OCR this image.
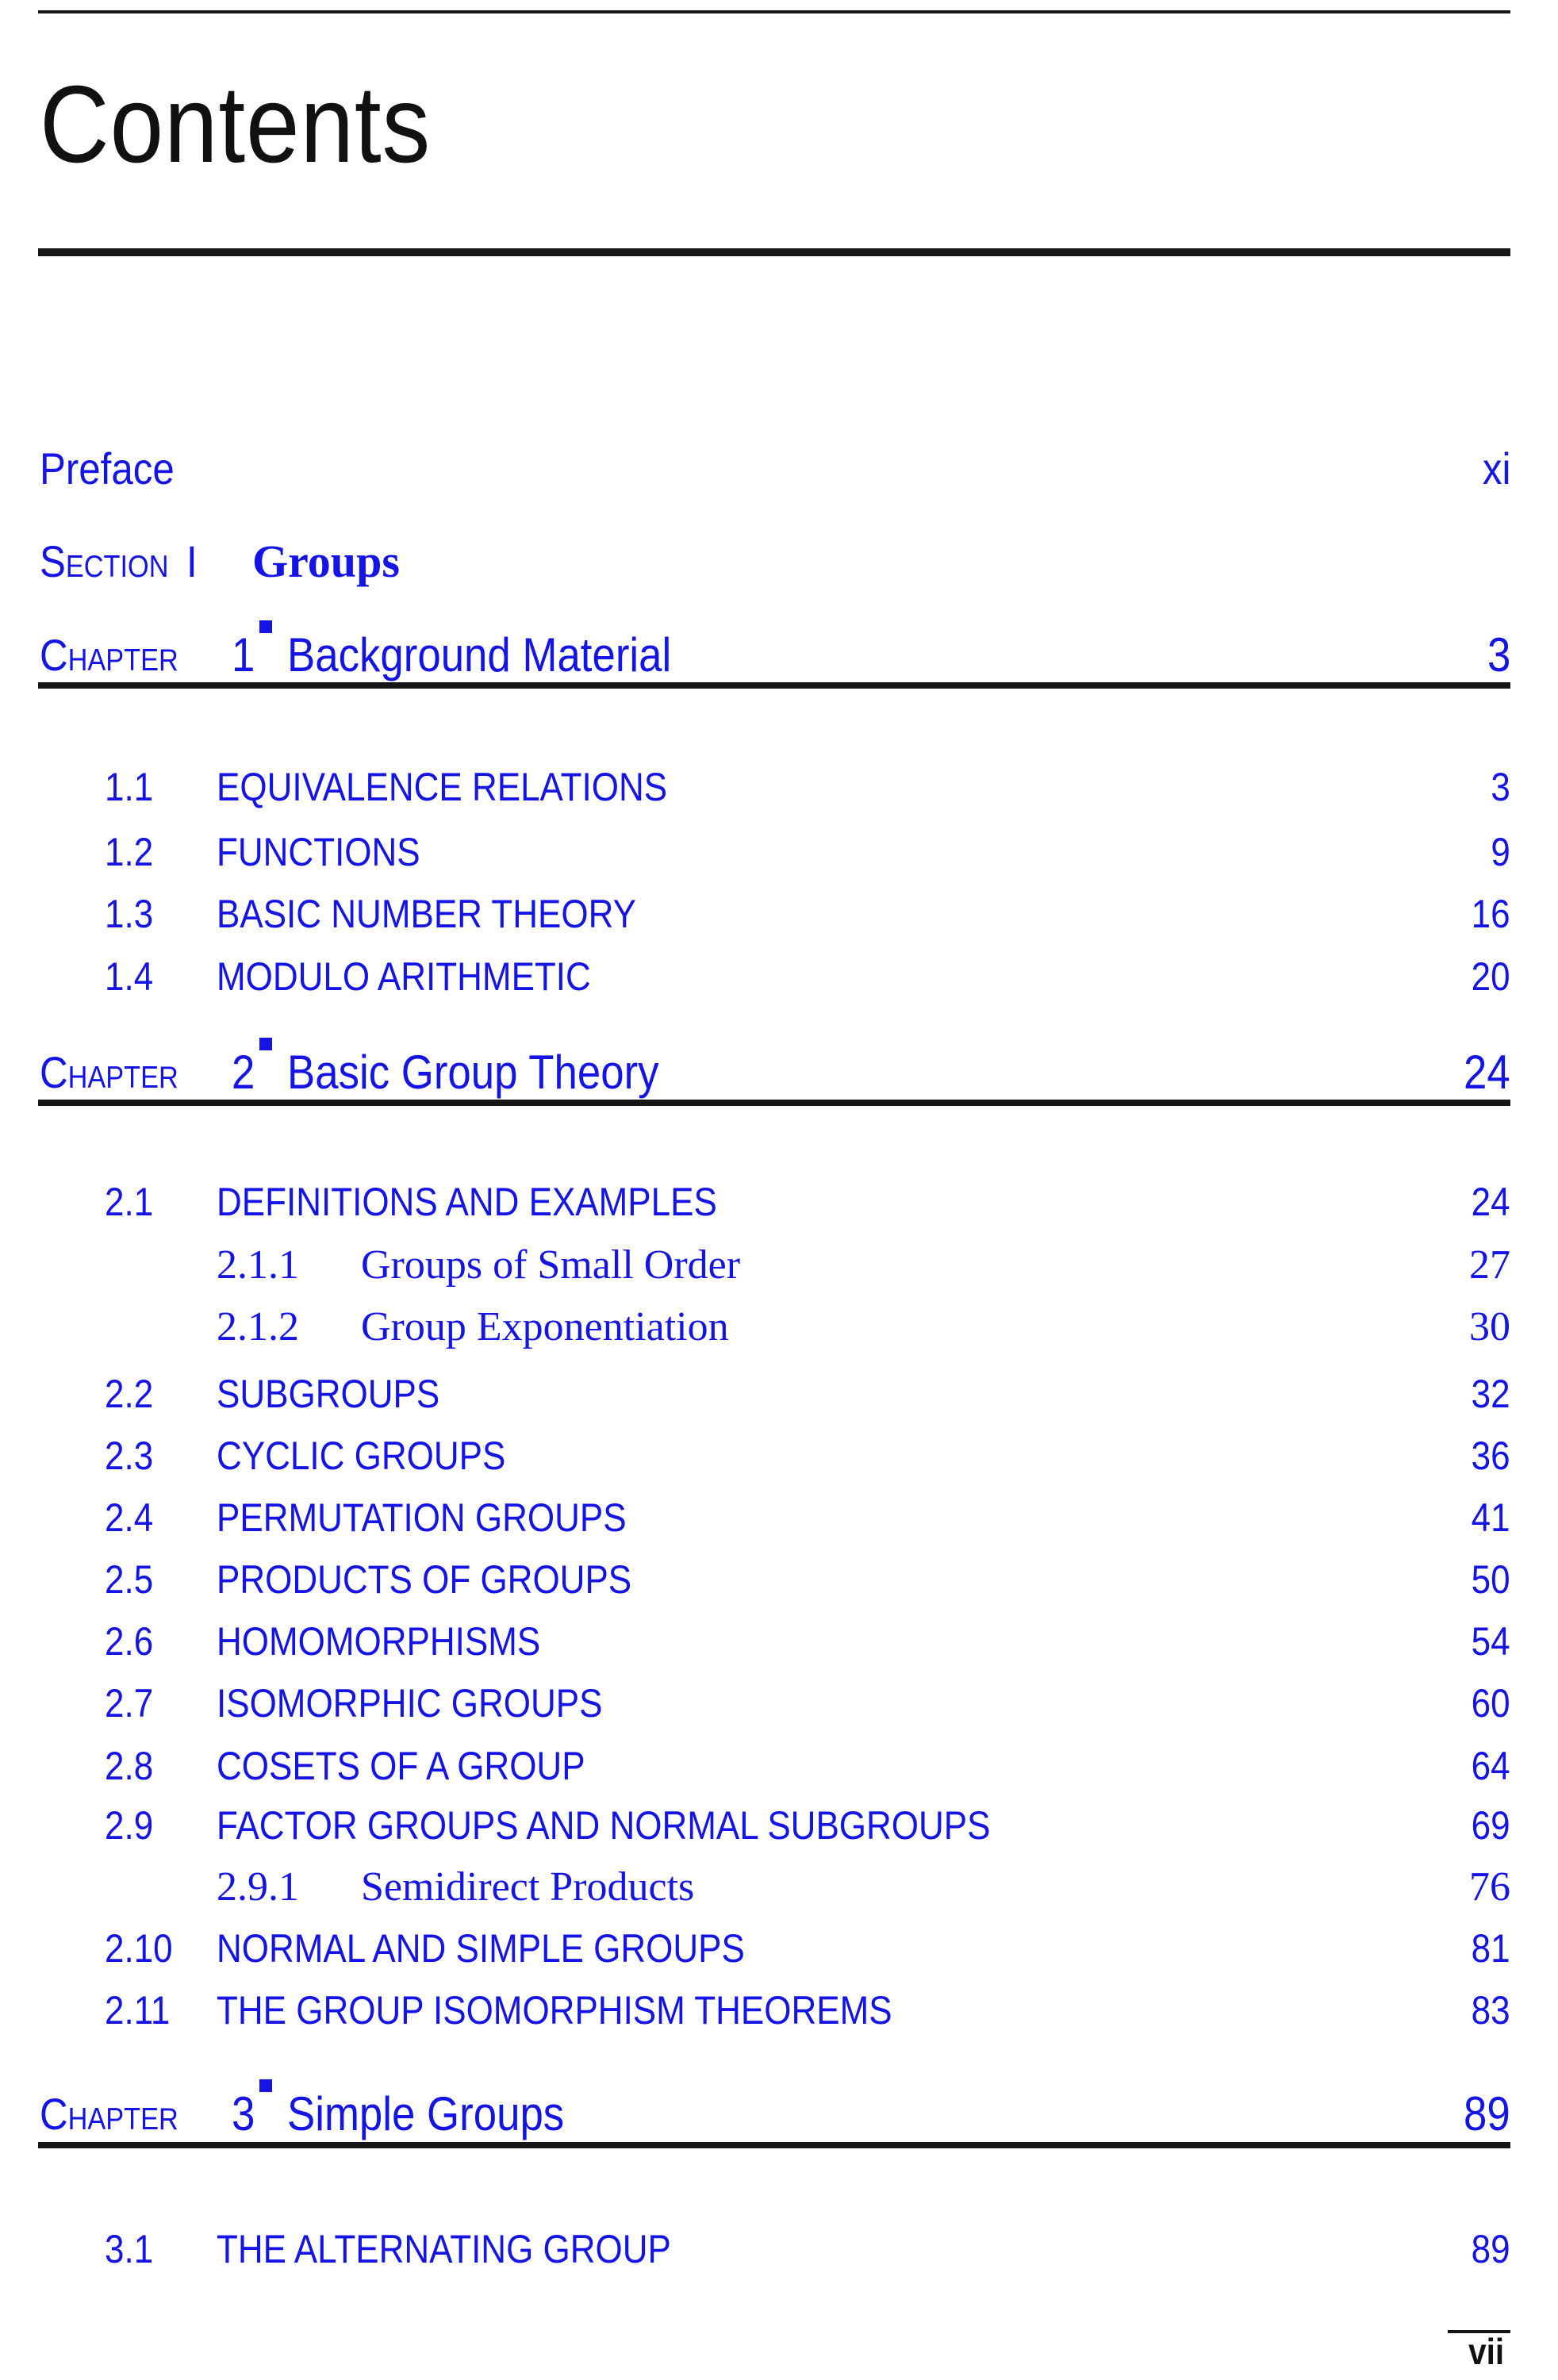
Contents
Preface	xi
Section I Groups
Chapter 1 Background Material	3
1.1 EQUIVALENCE RELATIONS	3
1.2 FUNCTIONS	9
1.3 BASIC NUMBER THEORY	16
1.4 MODULO ARITHMETIC	20
Chapter 2 Basic Group Theory	24
2.1 DEFINITIONS AND EXAMPLES	24
2.1.1 Groups of Small Order	27
2.1.2 Group Exponentiation	30
2.2 SUBGROUPS	32
2.3 CYCLIC GROUPS	36
2.4 PERMUTATION GROUPS	41
2.5 PRODUCTS OF GROUPS	50
2.6 HOMOMORPHISMS	54
2.7 ISOMORPHIC GROUPS	60
2.8 COSETS OF A GROUP	64
2.9 FACTOR GROUPS AND NORMAL SUBGROUPS	69
2.9.1 Semidirect Products	76
2.10 NORMAL AND SIMPLE GROUPS	81
2.11 THE GROUP ISOMORPHISM THEOREMS	83
Chapter 3 Simple Groups	89
3.1 THE ALTERNATING GROUP	89
vii
